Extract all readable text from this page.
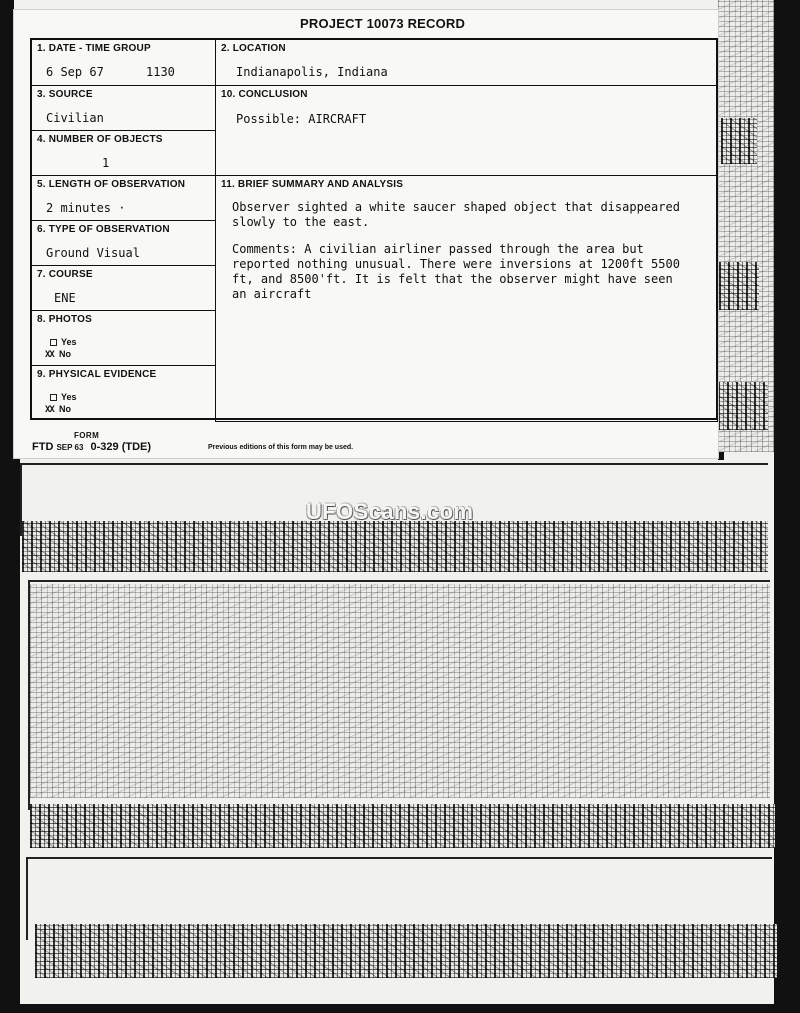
PROJECT 10073 RECORD
1. DATE - TIME GROUP
6 Sep 67	1130
2. LOCATION
Indianapolis, Indiana
3. SOURCE
Civilian
10. CONCLUSION
Possible: AIRCRAFT
4. NUMBER OF OBJECTS
1
5. LENGTH OF OBSERVATION
2 minutes ·
11. BRIEF SUMMARY AND ANALYSIS

Observer sighted a white saucer shaped object that disappeared slowly to the east.

Comments: A civilian airliner passed through the area but reported nothing unusual. There were inversions at 1200ft 5500 ft, and 8500'ft. It is felt that the observer might have seen an aircraft

6. TYPE OF OBSERVATION
Ground Visual
7. COURSE
ENE
8. PHOTOS
Yes
XX No
9. PHYSICAL EVIDENCE
Yes
XX No
FORM
FTD SEP 63 0-329 (TDE)	Previous editions of this form may be used.
UFOScans.com
